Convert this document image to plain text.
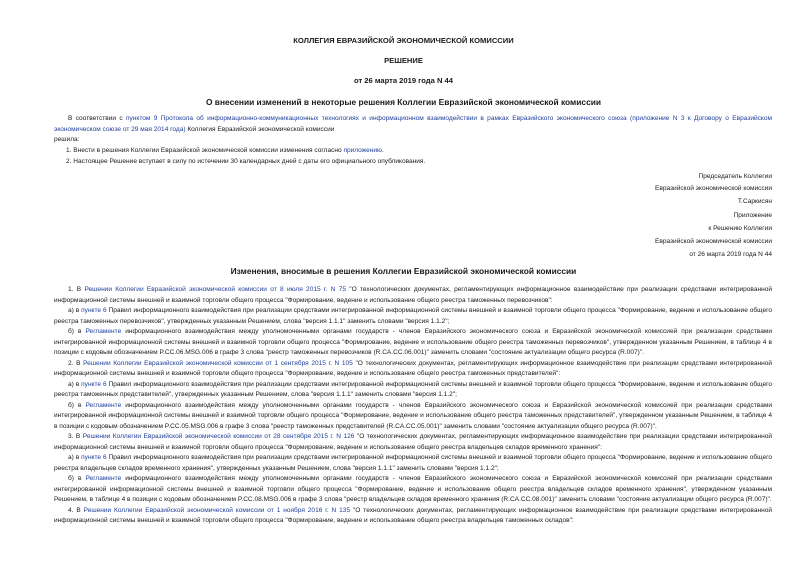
КОЛЛЕГИЯ ЕВРАЗИЙСКОЙ ЭКОНОМИЧЕСКОЙ КОМИССИИ
РЕШЕНИЕ
от 26 марта 2019 года N 44
О внесении изменений в некоторые решения Коллегии Евразийской экономической комиссии
В соответствии с пунктом 9 Протокола об информационно-коммуникационных технологиях и информационном взаимодействии в рамках Евразийского экономического союза (приложение N 3 к Договору о Евразийском экономическом союзе от 29 мая 2014 года) Коллегия Евразийской экономической комиссии
решила:
1. Внести в решения Коллегии Евразийской экономической комиссии изменения согласно приложению.
2. Настоящее Решение вступает в силу по истечении 30 календарных дней с даты его официального опубликования.
Председатель Коллегии
Евразийской экономической комиссии
Т.Саркисян
Приложение
к Решению Коллегии
Евразийской экономической комиссии
от 26 марта 2019 года N 44
Изменения, вносимые в решения Коллегии Евразийской экономической комиссии

1. В Решении Коллегии Евразийской экономической комиссии от 8 июля 2015 г. N 75 "О технологических документах, регламентирующих информационное взаимодействие при реализации средствами интегрированной информационной системы внешней и взаимной торговли общего процесса "Формирование, ведение и использование общего реестра таможенных перевозчиков":

а) в пункте 6 Правил информационного взаимодействия при реализации средствами интегрированной информационной системы внешней и взаимной торговли общего процесса "Формирование, ведение и использование общего реестра таможенных перевозчиков", утвержденных указанным Решением, слова "версия 1.1.1" заменить словами "версия 1.1.2";

б) в Регламенте информационного взаимодействия между уполномоченными органами государств - членов Евразийского экономического союза и Евразийской экономической комиссией при реализации средствами интегрированной информационной системы внешней и взаимной торговли общего процесса "Формирование, ведение и использование общего реестра таможенных перевозчиков", утвержденном указанным Решением, в таблице 4 в позиции с кодовым обозначением P.CC.06.MSG.006 в графе 3 слова "реестр таможенных перевозчиков (R.CA.CC.06.001)" заменить словами "состояние актуализации общего ресурса (R.007)".

2. В Решении Коллегии Евразийской экономической комиссии от 1 сентября 2015 г. N 105 "О технологических документах, регламентирующих информационное взаимодействие при реализации средствами интегрированной информационной системы внешней и взаимной торговли общего процесса "Формирование, ведение и использование общего реестра таможенных представителей":

а) в пункте 6 Правил информационного взаимодействия при реализации средствами интегрированной информационной системы внешней и взаимной торговли общего процесса "Формирование, ведение и использование общего реестра таможенных представителей", утвержденных указанным Решением, слова "версия 1.1.1" заменить словами "версия 1.1.2";

б) в Регламенте информационного взаимодействия между уполномоченными органами государств - членов Евразийского экономического союза и Евразийской экономической комиссией при реализации средствами интегрированной информационной системы внешней и взаимной торговли общего процесса "Формирование, ведение и использование общего реестра таможенных представителей", утвержденном указанным Решением, в таблице 4 в позиции с кодовым обозначением P.CC.05.MSG.006 в графе 3 слова "реестр таможенных представителей (R.CA.CC.05.001)" заменить словами "состояние актуализации общего ресурса (R.007)".

3. В Решении Коллегии Евразийской экономической комиссии от 28 сентября 2015 г. N 126 "О технологических документах, регламентирующих информационное взаимодействие при реализации средствами интегрированной информационной системы внешней и взаимной торговли общего процесса "Формирование, ведение и использование общего реестра владельцев складов временного хранения":

а) в пункте 6 Правил информационного взаимодействия при реализации средствами интегрированной информационной системы внешней и взаимной торговли общего процесса "Формирование, ведение и использование общего реестра владельцев складов временного хранения", утвержденных указанным Решением, слова "версия 1.1.1" заменить словами "версия 1.1.2";

б) в Регламенте информационного взаимодействия между уполномоченными органами государств - членов Евразийского экономического союза и Евразийской экономической комиссией при реализации средствами интегрированной информационной системы внешней и взаимной торговли общего процесса "Формирование, ведение и использование общего реестра владельцев складов временного хранения", утвержденном указанным Решением, в таблице 4 в позиции с кодовым обозначением P.CC.08.MSG.006 в графе 3 слова "реестр владельцев складов временного хранения (R.CA.CC.08.001)" заменить словами "состояние актуализации общего ресурса (R.007)".

4. В Решении Коллегии Евразийской экономической комиссии от 1 ноября 2016 г. N 135 "О технологических документах, регламентирующих информационное взаимодействие при реализации средствами интегрированной информационной системы внешней и взаимной торговли общего процесса "Формирование, ведение и использование общего реестра владельцев таможенных складов":
